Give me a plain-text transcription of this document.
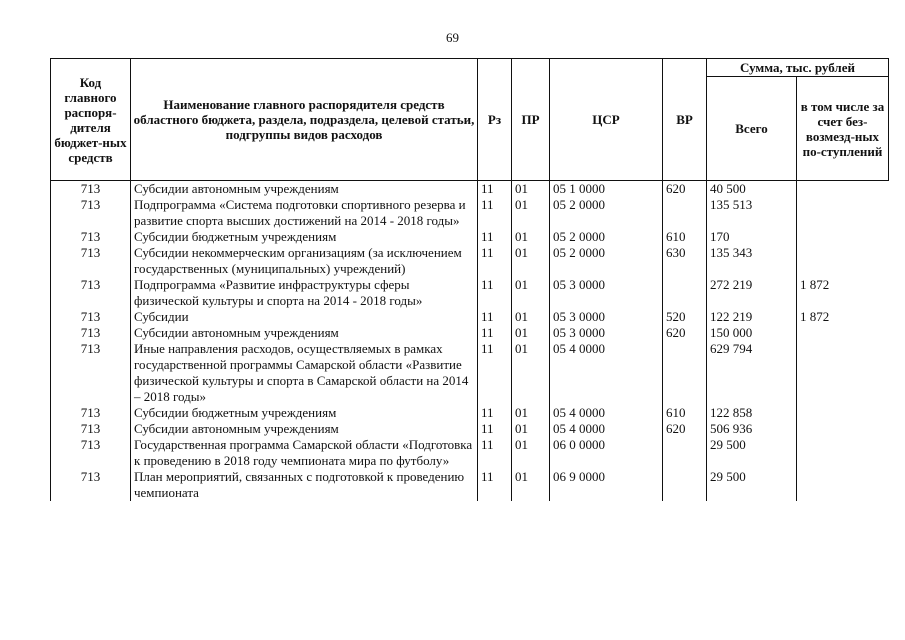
69
Код главного распоря-дителя бюджет-ных средств	Наименование главного распорядителя средств областного бюджета, раздела, подраздела, целевой статьи, подгруппы видов расходов	Рз	ПР	ЦСР	ВР	Сумма, тыс. рублей	
						Всего	в том числе за счет без-возмезд-ных по-ступлений
713	Субсидии автономным учреждениям	11	01	05 1 0000	620	40 500	
713	Подпрограмма «Система подготовки спортивного резерва и развитие спорта высших достижений на 2014 - 2018 годы»	11	01	05 2 0000		135 513	
713	Субсидии бюджетным учреждениям	11	01	05 2 0000	610	170	
713	Субсидии некоммерческим организациям (за исключением государственных (муниципальных) учреждений)	11	01	05 2 0000	630	135 343	
713	Подпрограмма «Развитие инфраструктуры сферы физической культуры и спорта на 2014 - 2018 годы»	11	01	05 3 0000		272 219	1 872
713	Субсидии	11	01	05 3 0000	520	122 219	1 872
713	Субсидии автономным учреждениям	11	01	05 3 0000	620	150 000	
713	Иные направления расходов, осуществляемых в рамках государственной программы Самарской области «Развитие физической культуры и спорта в Самарской области на 2014 – 2018 годы»	11	01	05 4 0000		629 794	
713	Субсидии бюджетным учреждениям	11	01	05 4 0000	610	122 858	
713	Субсидии автономным учреждениям	11	01	05 4 0000	620	506 936	
713	Государственная программа Самарской области «Подготовка к проведению в 2018 году чемпионата мира по футболу»	11	01	06 0 0000		29 500	
713	План мероприятий, связанных с подготовкой к проведению чемпионата	11	01	06 9 0000		29 500	
